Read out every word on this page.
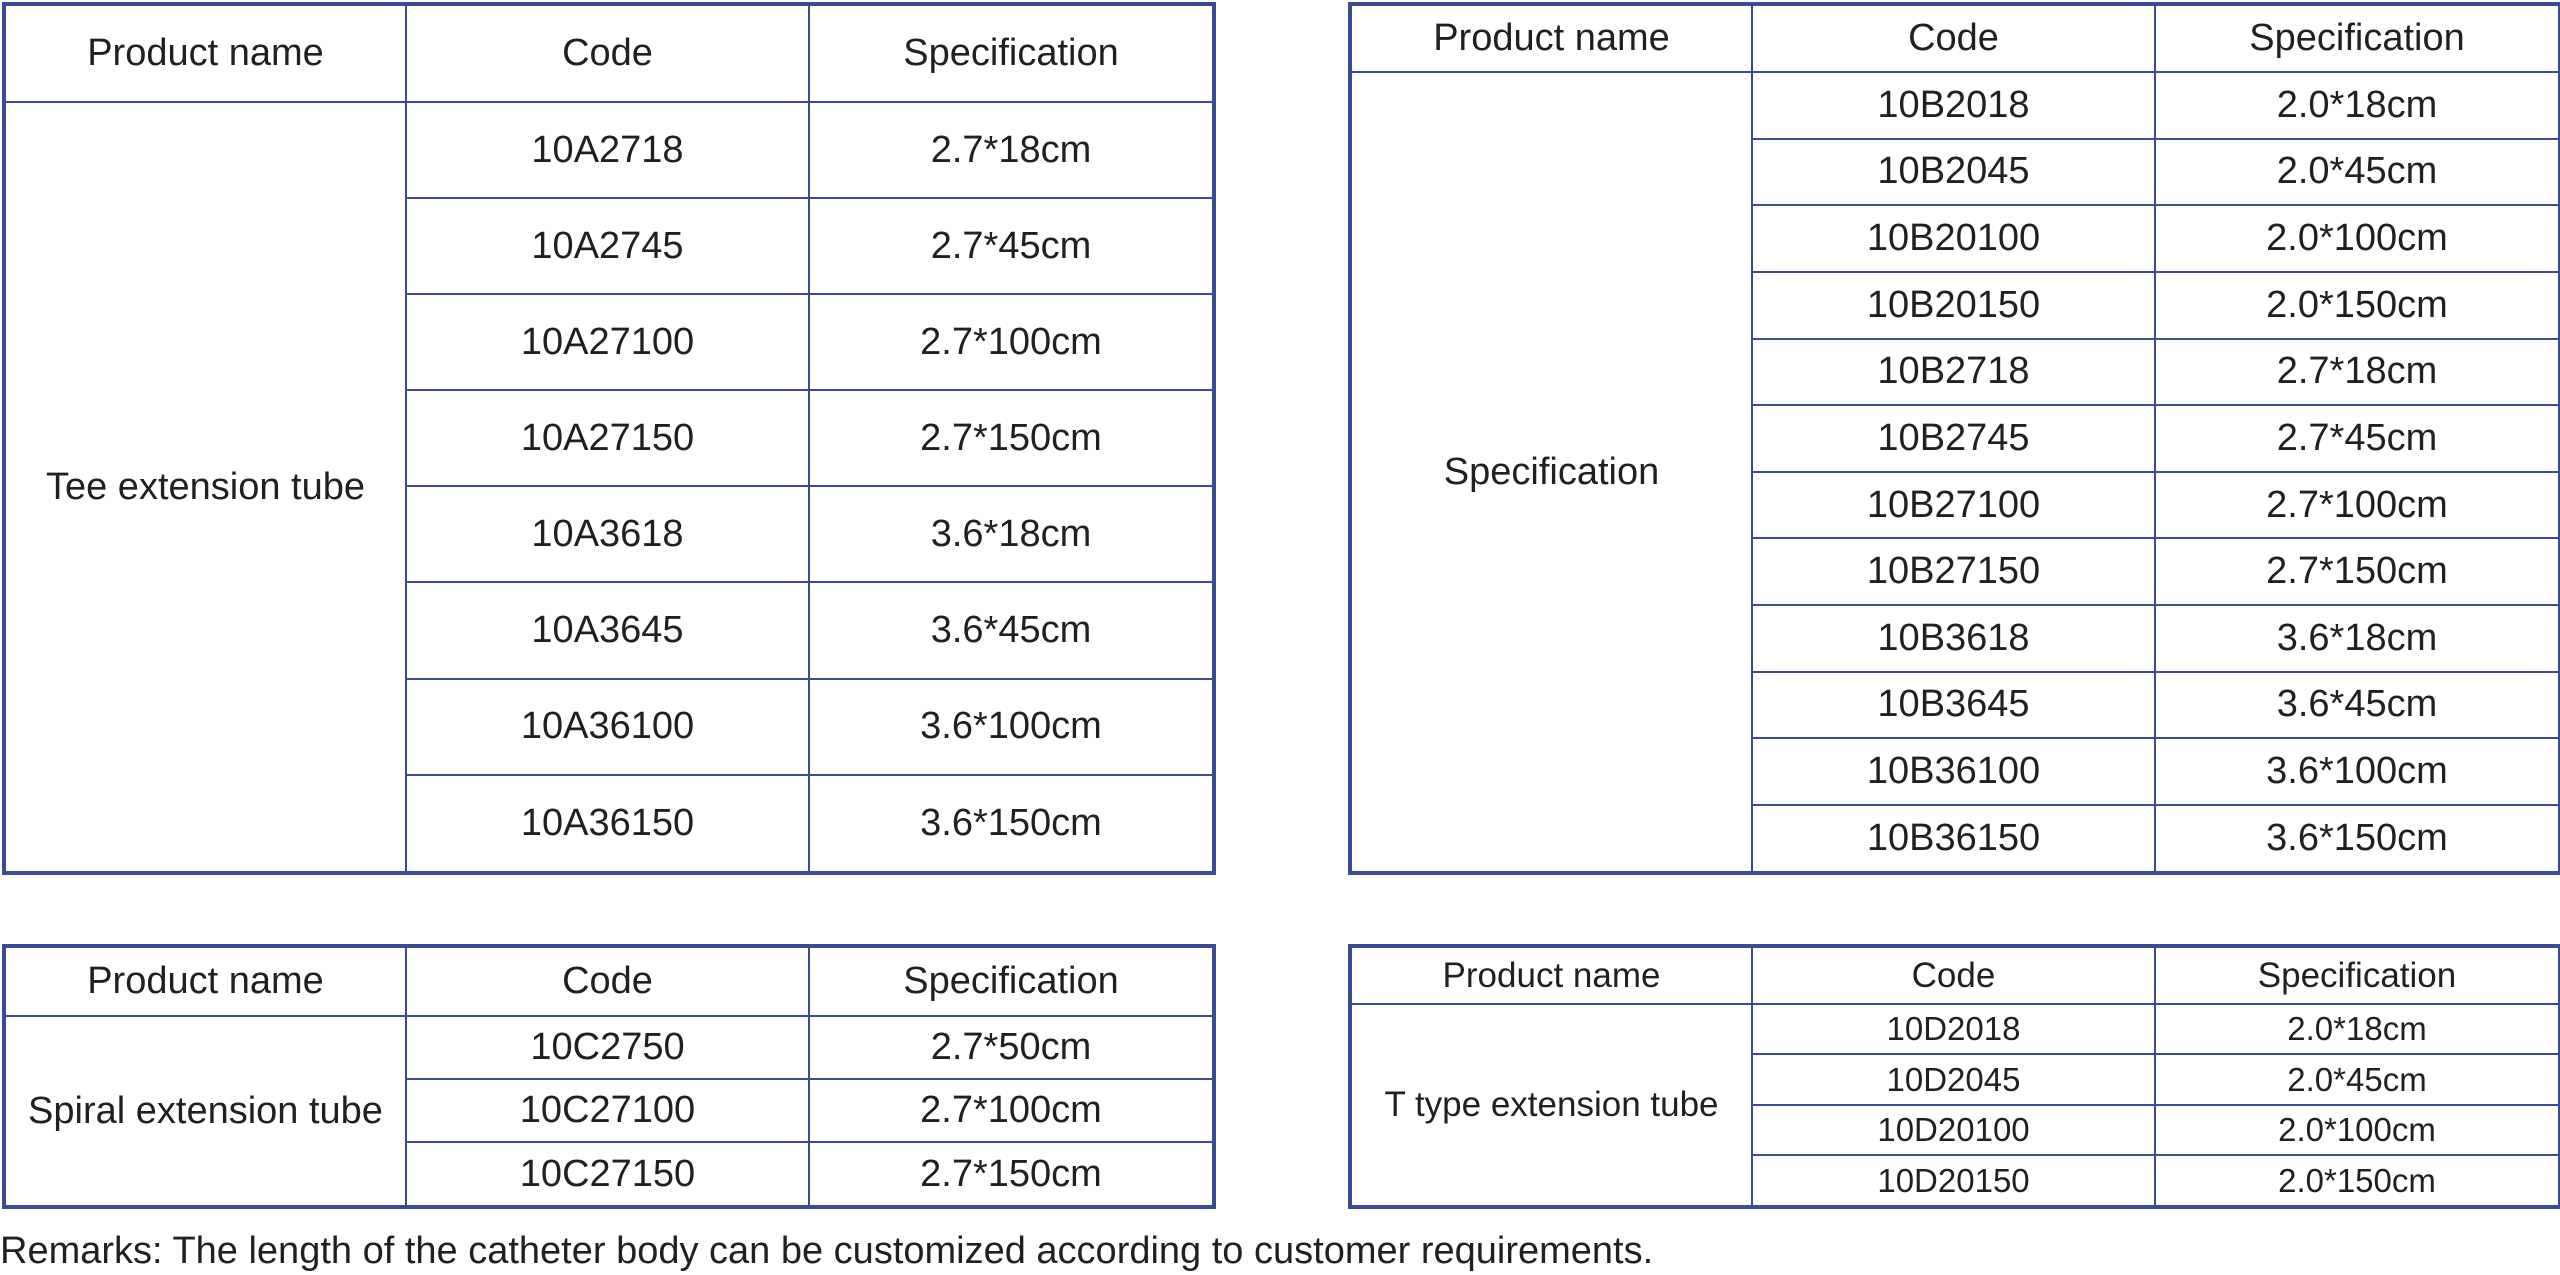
Product name	Code	Specification
Tee extension tube	10A2718	2.7*18cm
	10A2745	2.7*45cm
	10A27100	2.7*100cm
	10A27150	2.7*150cm
	10A3618	3.6*18cm
	10A3645	3.6*45cm
	10A36100	3.6*100cm
	10A36150	3.6*150cm
Product name	Code	Specification
Specification	10B2018	2.0*18cm
	10B2045	2.0*45cm
	10B20100	2.0*100cm
	10B20150	2.0*150cm
	10B2718	2.7*18cm
	10B2745	2.7*45cm
	10B27100	2.7*100cm
	10B27150	2.7*150cm
	10B3618	3.6*18cm
	10B3645	3.6*45cm
	10B36100	3.6*100cm
	10B36150	3.6*150cm
Product name	Code	Specification
Spiral extension tube	10C2750	2.7*50cm
	10C27100	2.7*100cm
	10C27150	2.7*150cm
Product name	Code	Specification
T type extension tube	10D2018	2.0*18cm
	10D2045	2.0*45cm
	10D20100	2.0*100cm
	10D20150	2.0*150cm
Remarks: The length of the catheter body can be customized according to customer requirements.
